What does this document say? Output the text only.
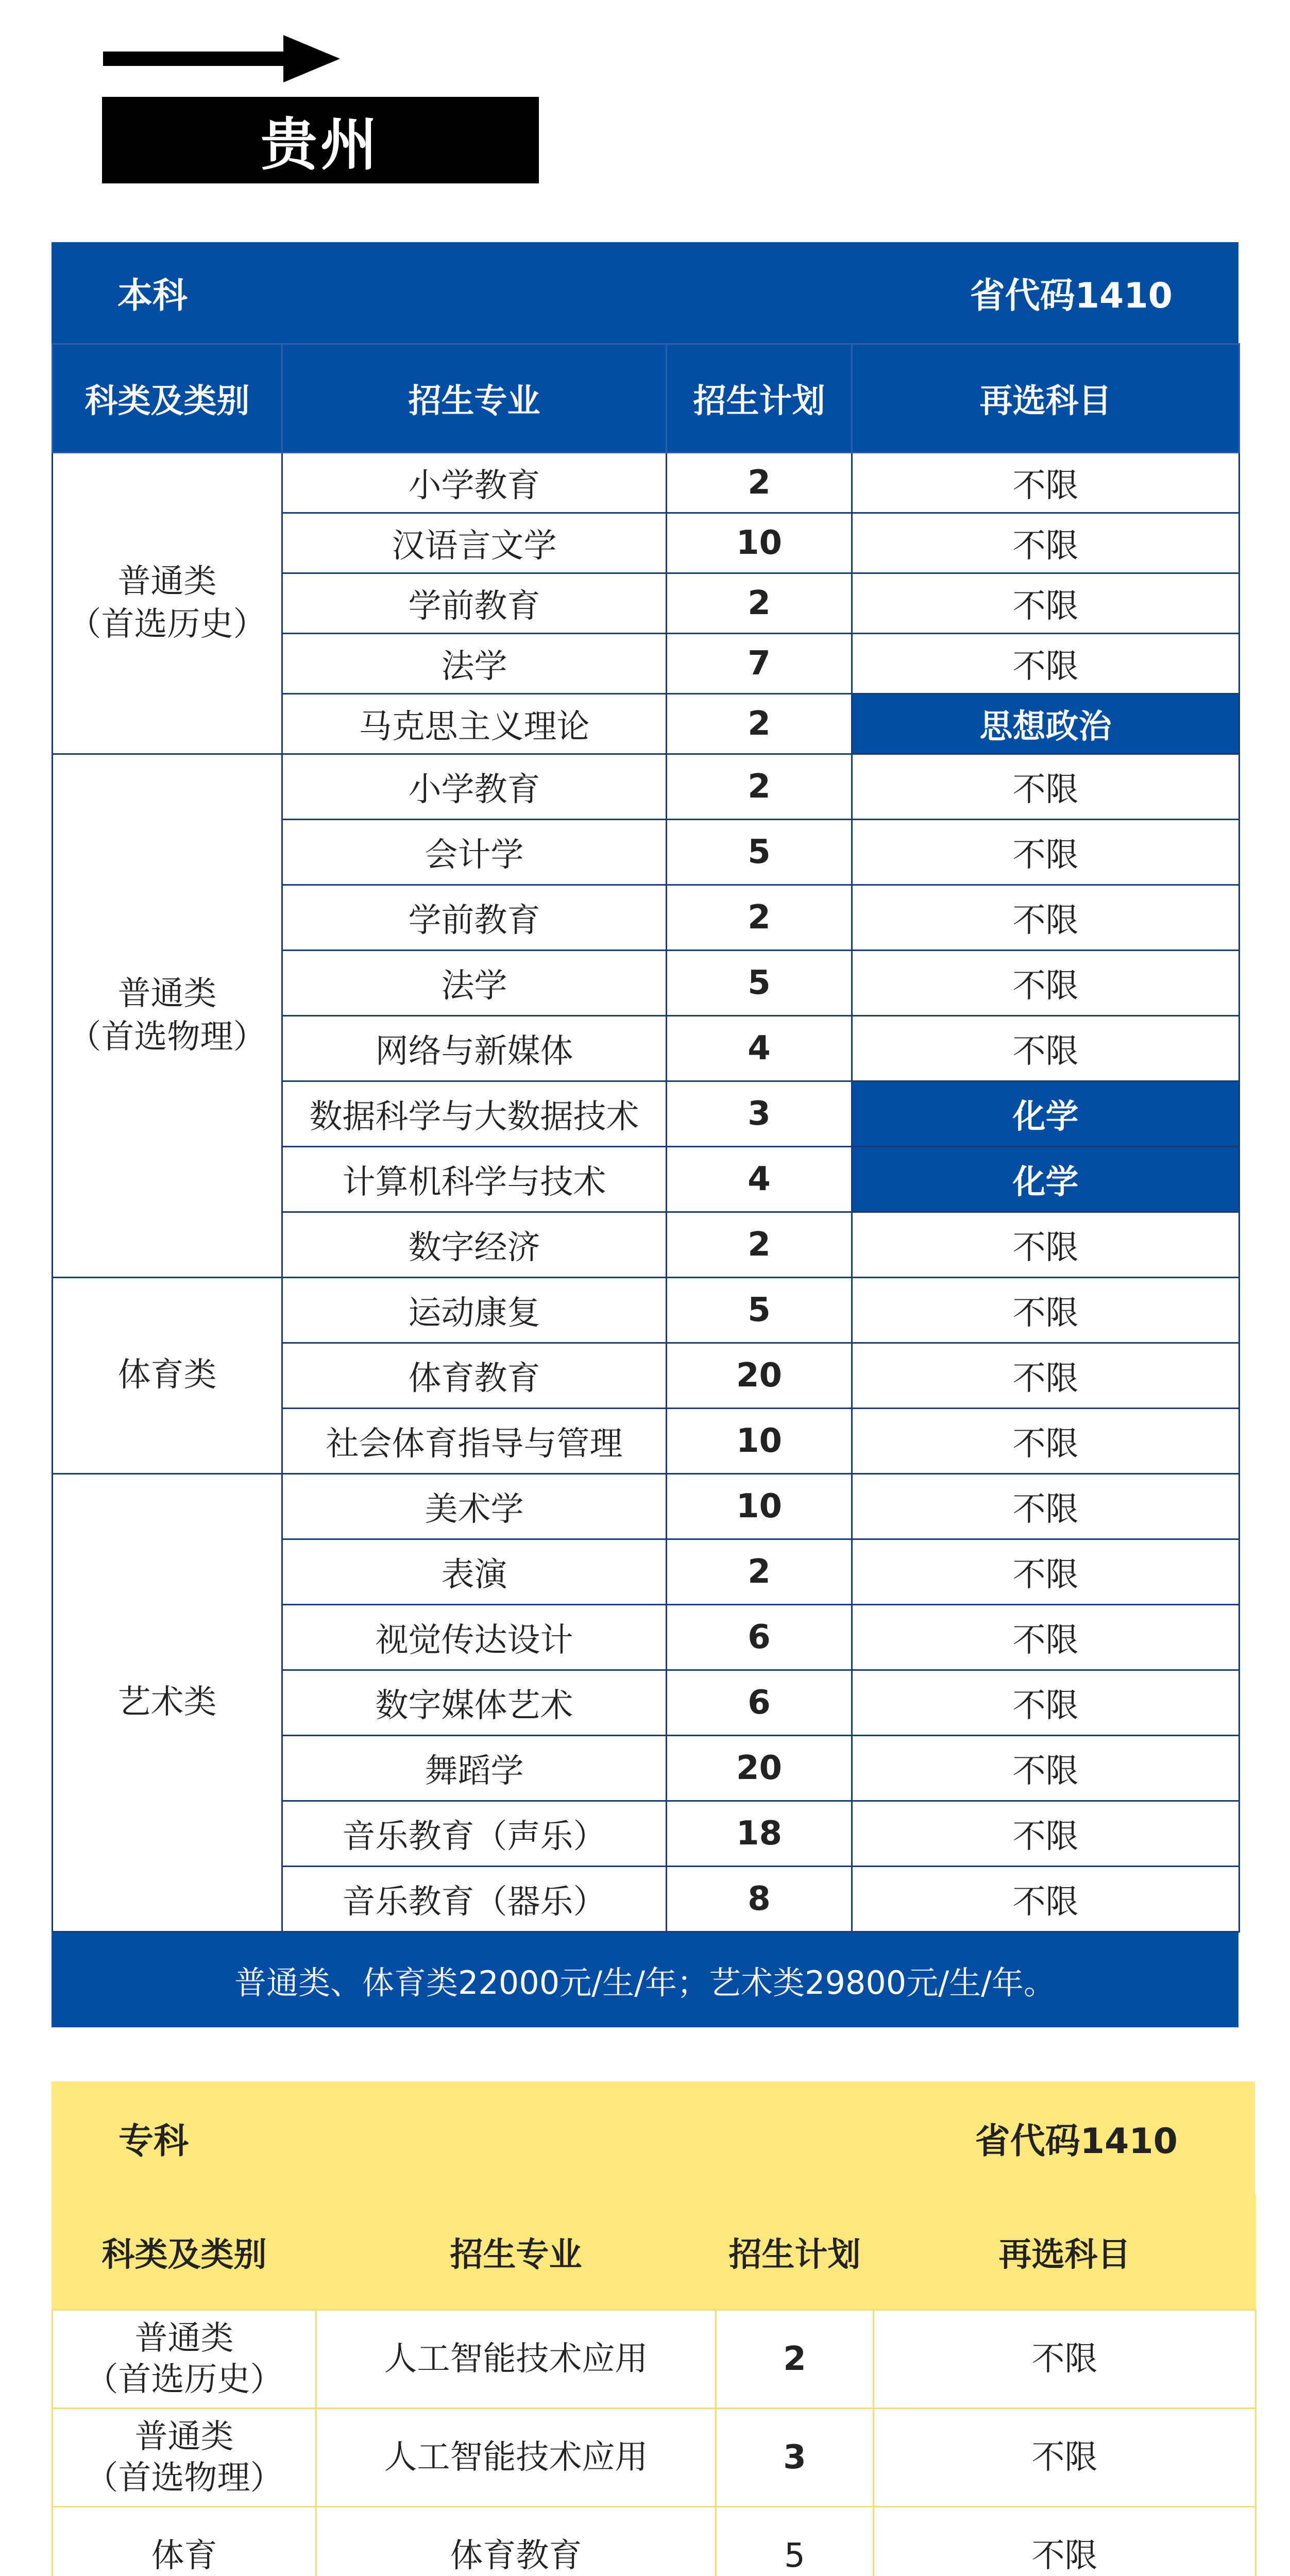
贵州
本科	省代码1410
科类及类别	招生专业	招生计划	再选科目
普通类
（首选历史）	小学教育	2	不限
	汉语言文学	10	不限
	学前教育	2	不限
	法学	7	不限
	马克思主义理论	2	思想政治
普通类
（首选物理）	小学教育	2	不限
	会计学	5	不限
	学前教育	2	不限
	法学	5	不限
	网络与新媒体	4	不限
	数据科学与大数据技术	3	化学
	计算机科学与技术	4	化学
	数字经济	2	不限
体育类	运动康复	5	不限
	体育教育	20	不限
	社会体育指导与管理	10	不限
艺术类	美术学	10	不限
	表演	2	不限
	视觉传达设计	6	不限
	数字媒体艺术	6	不限
	舞蹈学	20	不限
	音乐教育（声乐）	18	不限
	音乐教育（器乐）	8	不限
普通类、体育类22000元/生/年；艺术类29800元/生/年。
专科	省代码1410
科类及类别	招生专业	招生计划	再选科目
普通类
（首选历史）	人工智能技术应用	2	不限
普通类
（首选物理）	人工智能技术应用	3	不限
体育	体育教育	5	不限
